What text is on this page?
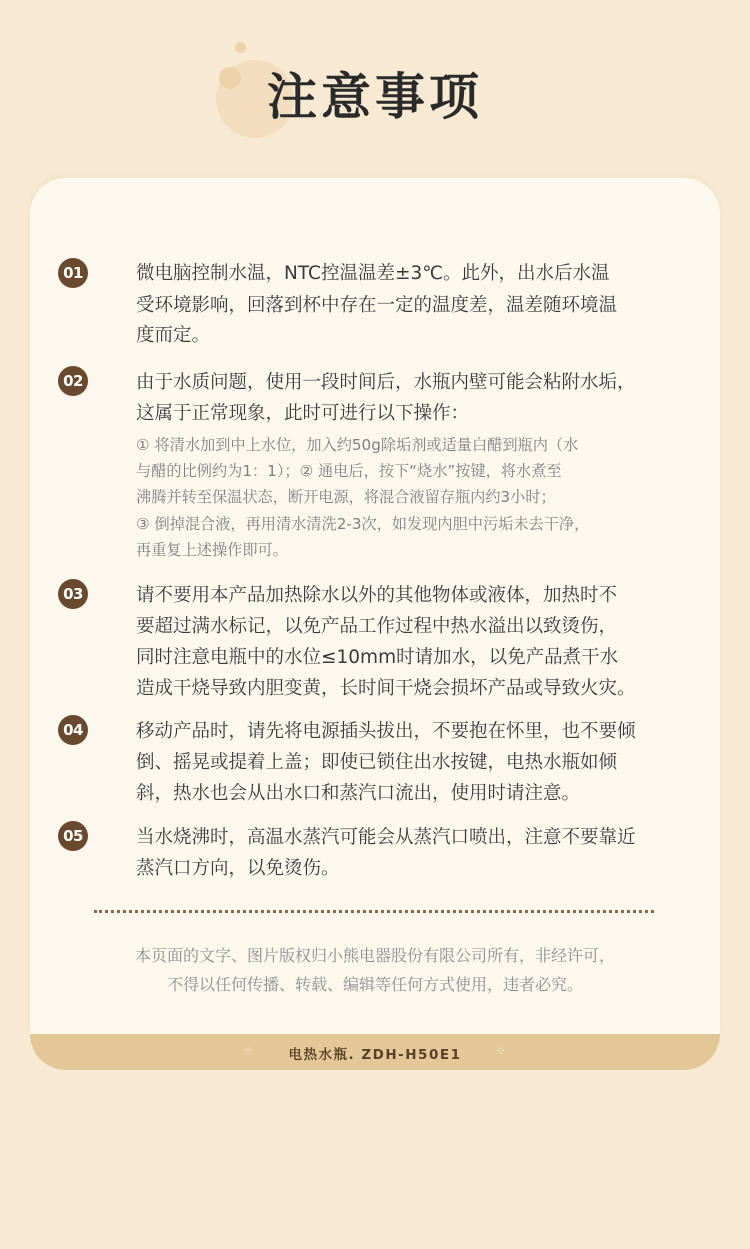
注意事项
⁘	电热水瓶. ZDH-H50E1	⁘
01	微电脑控制水温，NTC控温温差±3℃。此外，出水后水温
受环境影响，回落到杯中存在一定的温度差，温差随环境温
度而定。
02	由于水质问题，使用一段时间后，水瓶内壁可能会粘附水垢，
这属于正常现象，此时可进行以下操作：
① 将清水加到中上水位，加入约50g除垢剂或适量白醋到瓶内（水
与醋的比例约为1：1）；② 通电后，按下“烧水”按键，将水煮至
沸腾并转至保温状态，断开电源，将混合液留存瓶内约3小时；
③ 倒掉混合液，再用清水清洗2-3次，如发现内胆中污垢未去干净，
再重复上述操作即可。
03	请不要用本产品加热除水以外的其他物体或液体，加热时不
要超过满水标记，以免产品工作过程中热水溢出以致烫伤，
同时注意电瓶中的水位≤10mm时请加水，以免产品煮干水
造成干烧导致内胆变黄，长时间干烧会损坏产品或导致火灾。
04	移动产品时，请先将电源插头拔出，不要抱在怀里，也不要倾
倒、摇晃或提着上盖；即使已锁住出水按键，电热水瓶如倾
斜，热水也会从出水口和蒸汽口流出，使用时请注意。
05	当水烧沸时，高温水蒸汽可能会从蒸汽口喷出，注意不要靠近
蒸汽口方向，以免烫伤。
本页面的文字、图片版权归小熊电器股份有限公司所有，非经许可，
不得以任何传播、转载、编辑等任何方式使用，违者必究。
